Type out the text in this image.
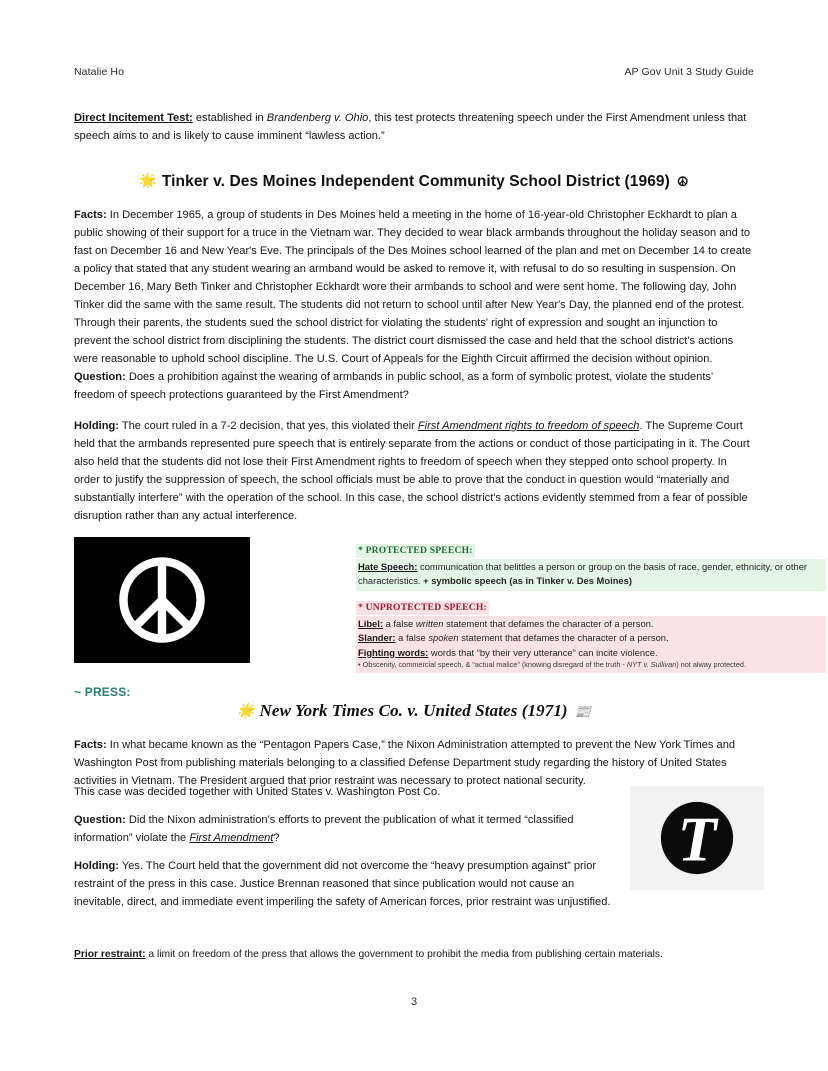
Natalie Ho	AP Gov Unit 3 Study Guide
Direct Incitement Test: established in Brandenberg v. Ohio, this test protects threatening speech under the First Amendment unless that speech aims to and is likely to cause imminent “lawless action.”
🌟 Tinker v. Des Moines Independent Community School District (1969) ☮
Facts: In December 1965, a group of students in Des Moines held a meeting in the home of 16-year-old Christopher Eckhardt to plan a public showing of their support for a truce in the Vietnam war. They decided to wear black armbands throughout the holiday season and to fast on December 16 and New Year's Eve. The principals of the Des Moines school learned of the plan and met on December 14 to create a policy that stated that any student wearing an armband would be asked to remove it, with refusal to do so resulting in suspension. On December 16, Mary Beth Tinker and Christopher Eckhardt wore their armbands to school and were sent home. The following day, John Tinker did the same with the same result. The students did not return to school until after New Year's Day, the planned end of the protest. Through their parents, the students sued the school district for violating the students' right of expression and sought an injunction to prevent the school district from disciplining the students. The district court dismissed the case and held that the school district's actions were reasonable to uphold school discipline. The U.S. Court of Appeals for the Eighth Circuit affirmed the decision without opinion.
Question: Does a prohibition against the wearing of armbands in public school, as a form of symbolic protest, violate the students' freedom of speech protections guaranteed by the First Amendment?
Holding: The court ruled in a 7-2 decision, that yes, this violated their First Amendment rights to freedom of speech. The Supreme Court held that the armbands represented pure speech that is entirely separate from the actions or conduct of those participating in it. The Court also held that the students did not lose their First Amendment rights to freedom of speech when they stepped onto school property. In order to justify the suppression of speech, the school officials must be able to prove that the conduct in question would “materially and substantially interfere” with the operation of the school. In this case, the school district's actions evidently stemmed from a fear of possible disruption rather than any actual interference.
* PROTECTED SPEECH:
Hate Speech: communication that belittles a person or group on the basis of race, gender, ethnicity, or other characteristics. + symbolic speech (as in Tinker v. Des Moines)
* UNPROTECTED SPEECH:
Libel: a false written statement that defames the character of a person.
Slander: a false spoken statement that defames the character of a person.
Fighting words: words that “by their very utterance” can incite violence.
• Obscenity, commercial speech, & “actual malice” (knowing disregard of the truth - NYT v. Sullivan) not alway protected.
~ PRESS:
🌟 New York Times Co. v. United States (1971) 📰
Facts: In what became known as the “Pentagon Papers Case,” the Nixon Administration attempted to prevent the New York Times and Washington Post from publishing materials belonging to a classified Defense Department study regarding the history of United States activities in Vietnam. The President argued that prior restraint was necessary to protect national security.
This case was decided together with United States v. Washington Post Co.
Question: Did the Nixon administration's efforts to prevent the publication of what it termed “classified information” violate the First Amendment?
Holding: Yes. The Court held that the government did not overcome the “heavy presumption against” prior restraint of the press in this case. Justice Brennan reasoned that since publication would not cause an inevitable, direct, and immediate event imperiling the safety of American forces, prior restraint was unjustified.
Prior restraint: a limit on freedom of the press that allows the government to prohibit the media from publishing certain materials.
3
T
